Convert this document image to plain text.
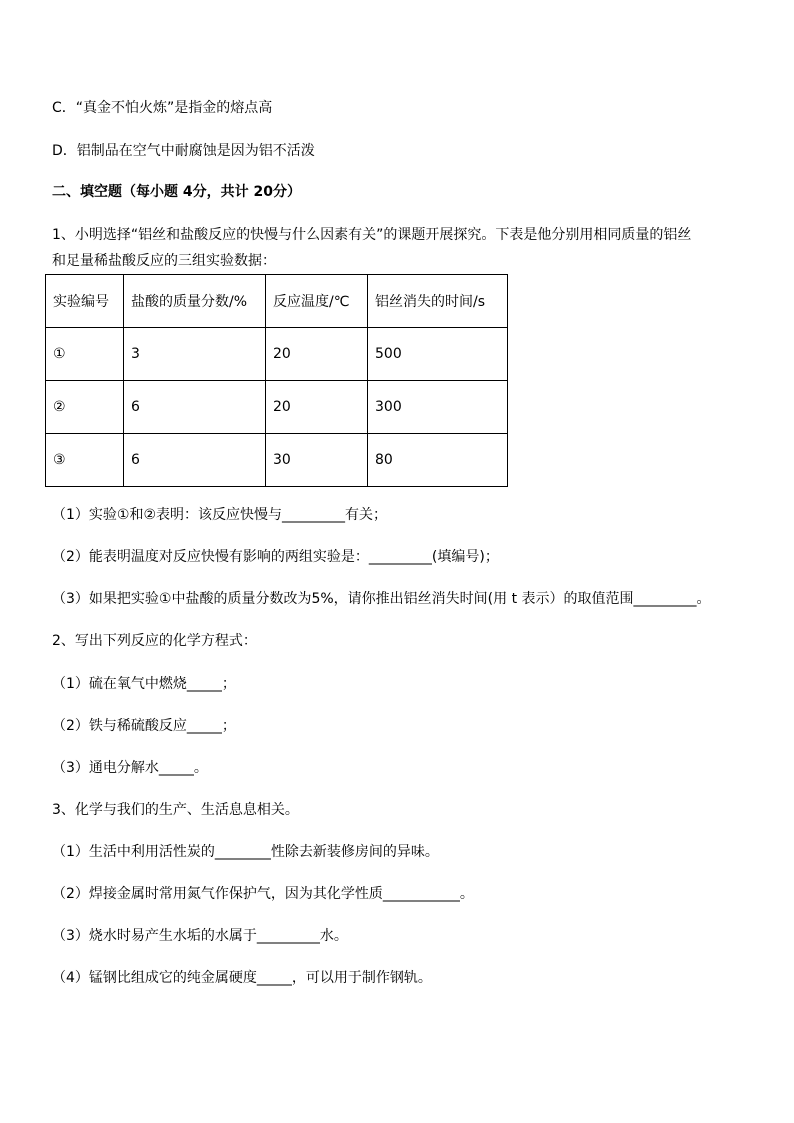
C．“真金不怕火炼”是指金的熔点高
D．铝制品在空气中耐腐蚀是因为铝不活泼
二、填空题（每小题 4分，共计 20分）
1、小明选择“铝丝和盐酸反应的快慢与什么因素有关”的课题开展探究。下表是他分别用相同质量的铝丝
和足量稀盐酸反应的三组实验数据：
实验编号	盐酸的质量分数/%	反应温度/℃	铝丝消失的时间/s
①	3	20	500
②	6	20	300
③	6	30	80
（1）实验①和②表明：该反应快慢与_________有关；
（2）能表明温度对反应快慢有影响的两组实验是：_________(填编号)；
（3）如果把实验①中盐酸的质量分数改为5%，请你推出铝丝消失时间(用 t 表示）的取值范围_________。
2、写出下列反应的化学方程式：
（1）硫在氧气中燃烧_____；
（2）铁与稀硫酸反应_____；
（3）通电分解水_____。
3、化学与我们的生产、生活息息相关。
（1）生活中利用活性炭的________性除去新装修房间的异味。
（2）焊接金属时常用氮气作保护气，因为其化学性质___________。
（3）烧水时易产生水垢的水属于_________水。
（4）锰钢比组成它的纯金属硬度_____，可以用于制作钢轨。
